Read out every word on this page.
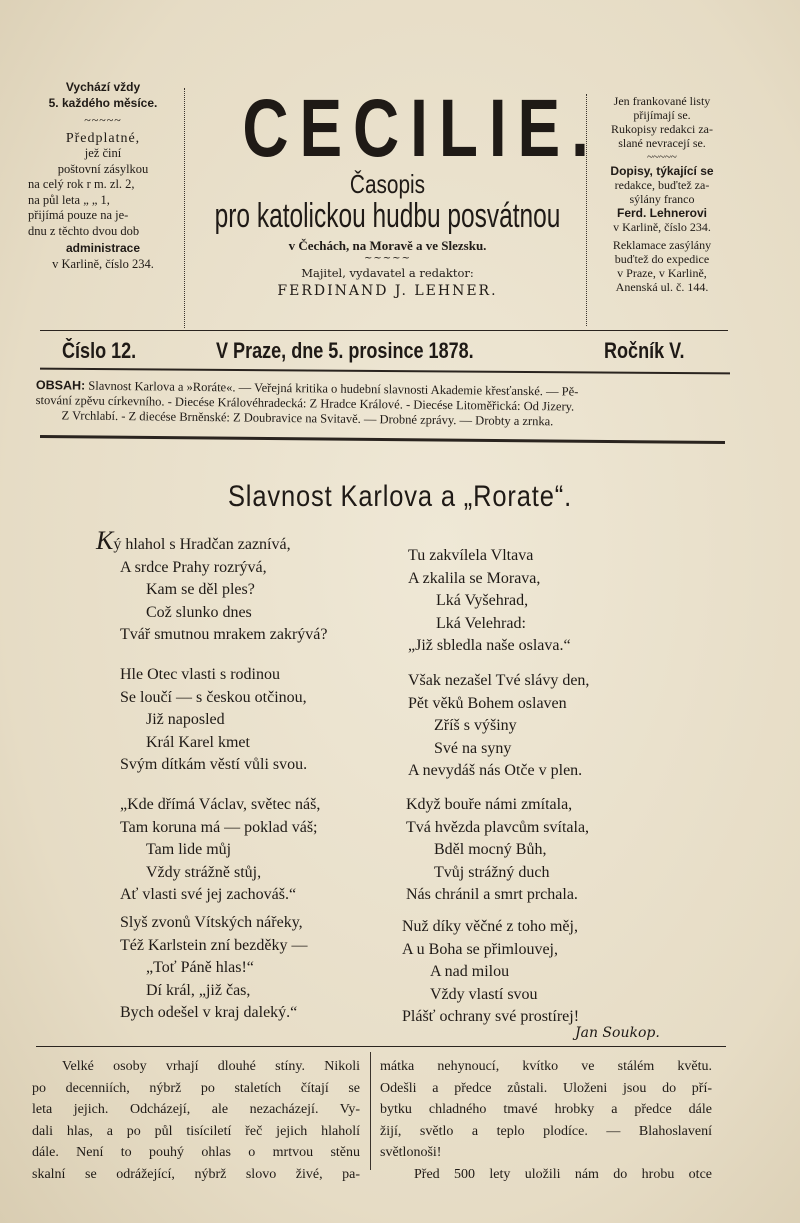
Vychází vždy
5. každého měsíce.
~~~~~
Předplatné,
jež činí
poštovní zásylkou
na celý rok r m. zl. 2,
na půl leta „ „ 1,
přijímá pouze na je-
dnu z těchto dvou dob
administrace
v Karlině, číslo 234.
CECILIE.
Časopis
pro katolickou hudbu posvátnou
v Čechách, na Moravě a ve Slezsku.
~~~~~
Majitel, vydavatel a redaktor:
FERDINAND J. LEHNER.
Jen frankované listy
přijímají se.
Rukopisy redakci za-
slané nevracejí se.
~~~~~
Dopisy, týkající se
redakce, buďtež za-
sýlány franco
Ferd. Lehnerovi
v Karlině, číslo 234.
Reklamace zasýlány
buďtež do expedice
v Praze, v Karlině,
Anenská ul. č. 144.
Číslo 12.	V Praze, dne 5. prosince 1878.	Ročník V.
OBSAH: Slavnost Karlova a »Roráte«. — Veřejná kritika o hudební slavnosti Akademie křesťanské. — Pě-
stování zpěvu církevního. - Diecése Královéhradecká: Z Hradce Králové. - Diecése Litoměřická: Od Jizery.
Z Vrchlabí. - Z diecése Brněnské: Z Doubravice na Svitavě. — Drobné zprávy. — Drobty a zrnka.
Slavnost Karlova a „Rorate“.
Ký hlahol s Hradčan zaznívá,
A srdce Prahy rozrývá,
Kam se děl ples?
Což slunko dnes
Tvář smutnou mrakem zakrývá?
Hle Otec vlasti s rodinou
Se loučí — s českou otčinou,
Již naposled
Král Karel kmet
Svým dítkám věstí vůli svou.
„Kde dřímá Václav, světec náš,
Tam koruna má — poklad váš;
Tam lide můj
Vždy strážně stůj,
Ať vlasti své jej zachováš.“
Slyš zvonů Vítských nářeky,
Též Karlstein zní bezděky —
„Toť Páně hlas!“
Dí král, „již čas,
Bych odešel v kraj daleký.“
Tu zakvílela Vltava
A zkalila se Morava,
Lká Vyšehrad,
Lká Velehrad:
„Již sbledla naše oslava.“
Však nezašel Tvé slávy den,
Pět věků Bohem oslaven
Zříš s výšiny
Své na syny
A nevydáš nás Otče v plen.
Když bouře námi zmítala,
Tvá hvězda plavcům svítala,
Bděl mocný Bůh,
Tvůj strážný duch
Nás chránil a smrt prchala.
Nuž díky věčné z toho měj,
A u Boha se přimlouvej,
A nad milou
Vždy vlastí svou
Plášť ochrany své prostírej!
Jan Soukop.
Velké osoby vrhají dlouhé stíny. Nikoli
po decenniích, nýbrž po staletích čítají se
leta jejich. Odcházejí, ale nezacházejí. Vy-
dali hlas, a po půl tisíciletí řeč jejich hlaholí
dále. Není to pouhý ohlas o mrtvou stěnu
skalní se odrážející, nýbrž slovo živé, pa-
mátka nehynoucí, kvítko ve stálém květu.
Odešli a předce zůstali. Uloženi jsou do pří-
bytku chladného tmavé hrobky a předce dále
žijí, světlo a teplo plodíce. — Blahoslavení
světlonoši!
Před 500 lety uložili nám do hrobu otce
